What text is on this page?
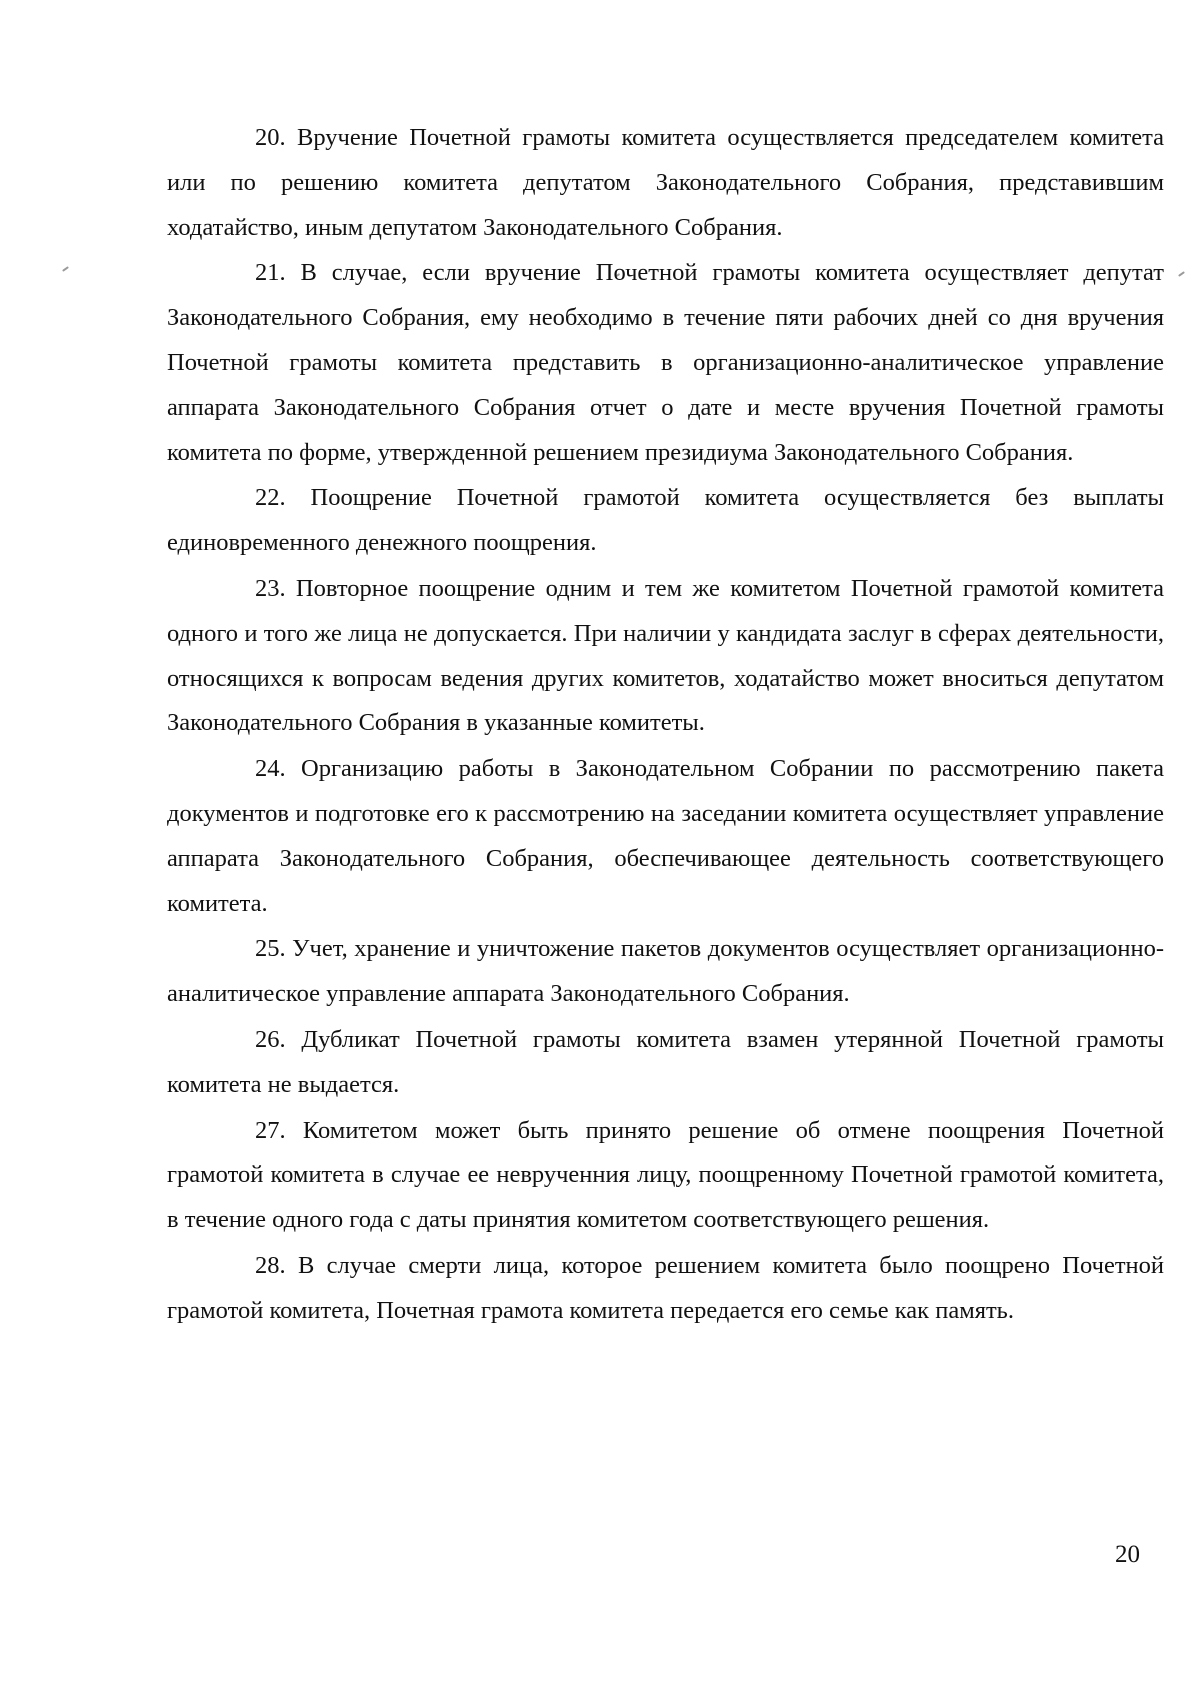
20. Вручение Почетной грамоты комитета осуществляется председателем комитета или по решению комитета депутатом Законодательного Собрания, представившим ходатайство, иным депутатом Законодательного Собрания.

21. В случае, если вручение Почетной грамоты комитета осуществляет депутат Законодательного Собрания, ему необходимо в течение пяти рабочих дней со дня вручения Почетной грамоты комитета представить в организационно-аналитическое управление аппарата Законодательного Собрания отчет о дате и месте вручения Почетной грамоты комитета по форме, утвержденной решением президиума Законодательного Собрания.

22. Поощрение Почетной грамотой комитета осуществляется без выплаты единовременного денежного поощрения.

23. Повторное поощрение одним и тем же комитетом Почетной грамотой комитета одного и того же лица не допускается. При наличии у кандидата заслуг в сферах деятельности, относящихся к вопросам ведения других комитетов, ходатайство может вноситься депутатом Законодательного Собрания в указанные комитеты.

24. Организацию работы в Законодательном Собрании по рассмотрению пакета документов и подготовке его к рассмотрению на заседании комитета осуществляет управление аппарата Законодательного Собрания, обеспечивающее деятельность соответствующего комитета.

25. Учет, хранение и уничтожение пакетов документов осуществляет организационно-аналитическое управление аппарата Законодательного Собрания.

26. Дубликат Почетной грамоты комитета взамен утерянной Почетной грамоты комитета не выдается.

27. Комитетом может быть принято решение об отмене поощрения Почетной грамотой комитета в случае ее неврученния лицу, поощренному Почетной грамотой комитета, в течение одного года с даты принятия комитетом соответствующего решения.

28. В случае смерти лица, которое решением комитета было поощрено Почетной грамотой комитета, Почетная грамота комитета передается его семье как память.

20
